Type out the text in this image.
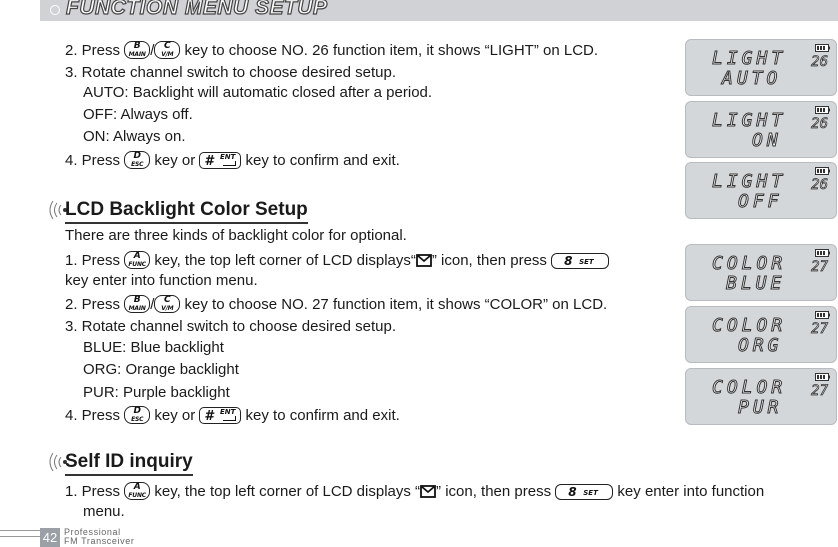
FUNCTION MENU SETUP
2. Press	B
MAIN /	C
V/M key to choose NO. 26 function item, it shows “LIGHT” on LCD.
3. Rotate channel switch to choose desired setup.
AUTO: Backlight will automatic closed after a period.
OFF: Always off.
ON: Always on.
4. Press	D
ESC key or # ENT key to confirm and exit.
LCD Backlight Color Setup
There are three kinds of backlight color for optional.
1. Press	A
FUNC key, the top left corner of LCD displays“ ” icon, then press 8 SET
key enter into function menu.
2. Press	B
MAIN /	C
V/M key to choose NO. 27 function item, it shows “COLOR” on LCD.
3. Rotate channel switch to choose desired setup.
BLUE: Blue backlight
ORG: Orange backlight
PUR: Purple backlight
4. Press	D
ESC key or # ENT key to confirm and exit.
Self ID inquiry
1. Press	A
FUNC key, the top left corner of LCD displays “ ” icon, then press 8 SET key enter into function
menu.
LIGHT
AUTO
26
LIGHT
ON
26
LIGHT
OFF
26
COLOR
BLUE
27
COLOR
ORG
27
COLOR
PUR
27
42 Professional
FM Transceiver
